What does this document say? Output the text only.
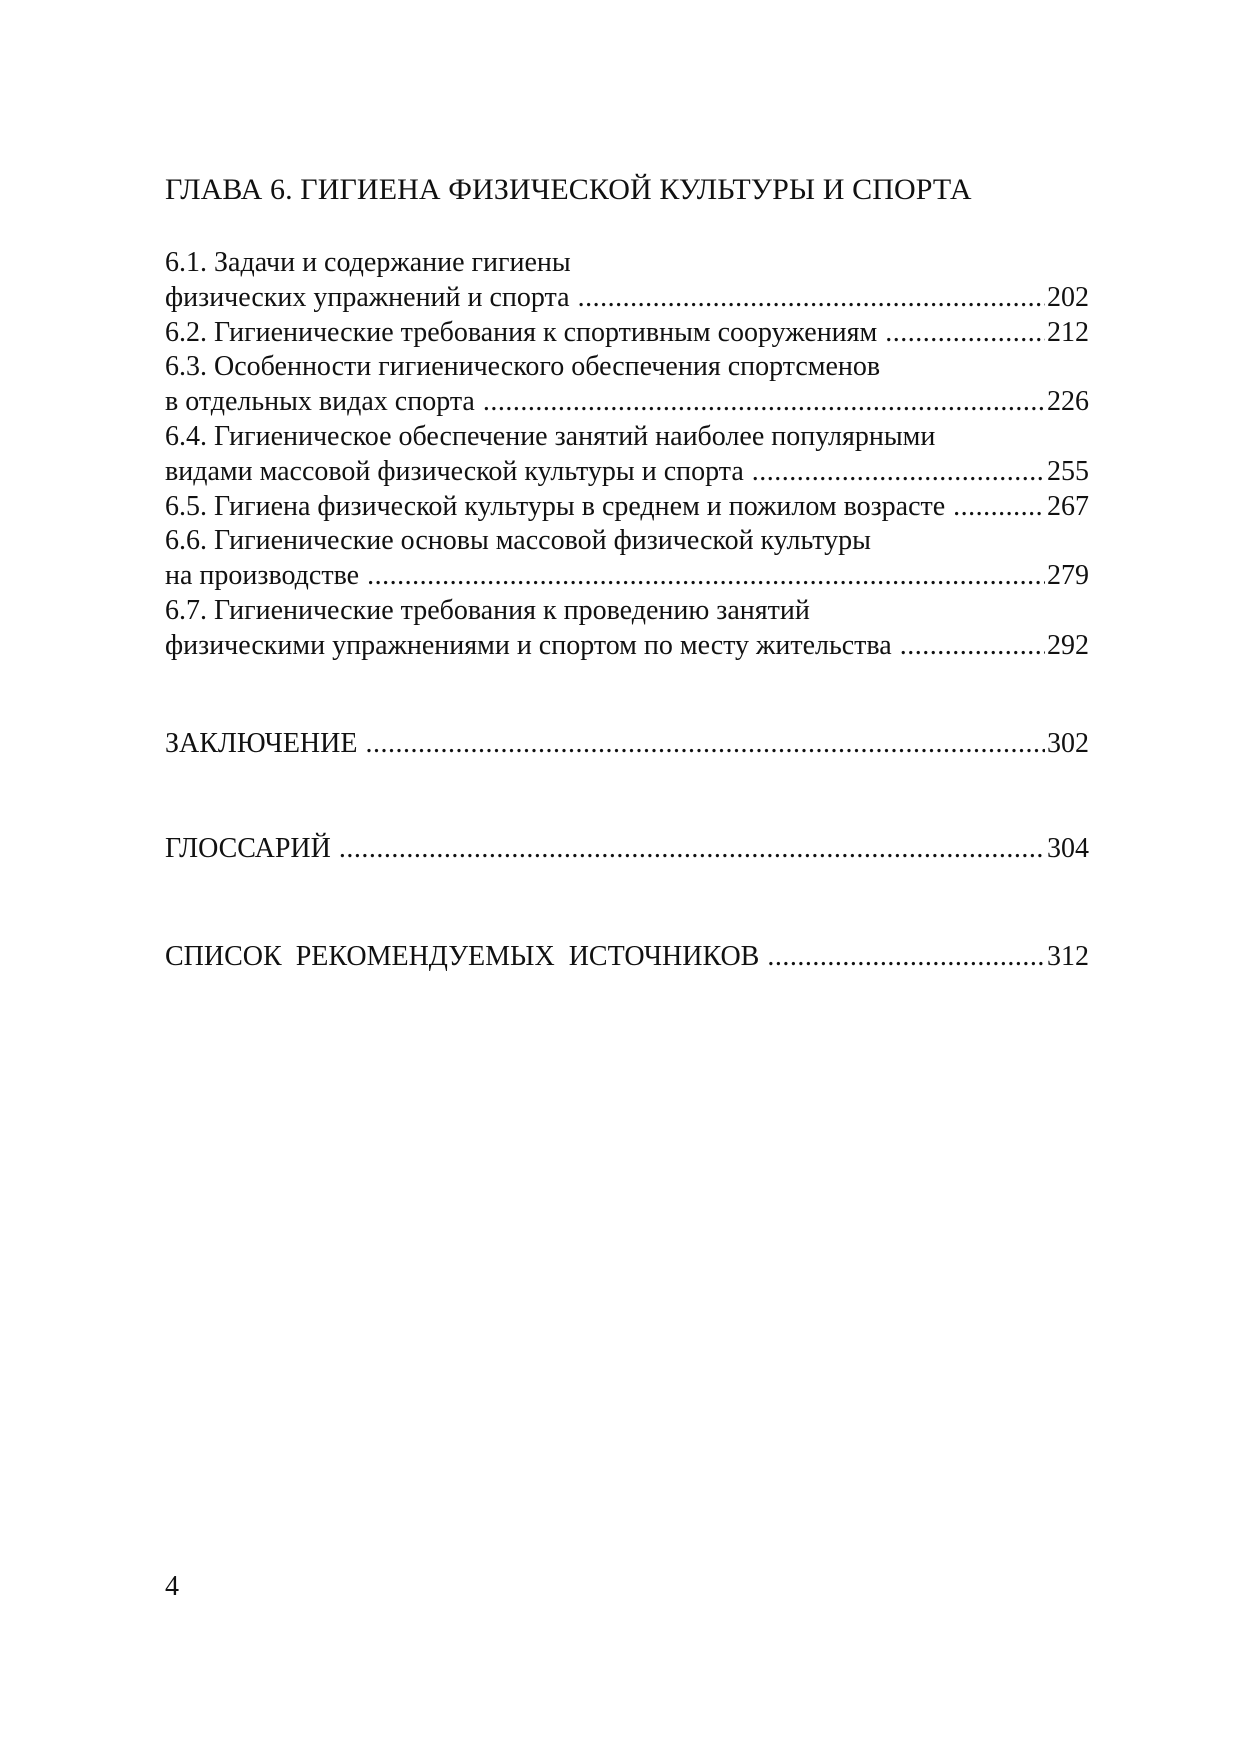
ГЛАВА 6. ГИГИЕНА ФИЗИЧЕСКОЙ КУЛЬТУРЫ И СПОРТА
6.1. Задачи и содержание гигиены
физических упражнений и спорта .....	202
6.2. Гигиенические требования к спортивным сооружениям .....	212
6.3. Особенности гигиенического обеспечения спортсменов
в отдельных видах спорта .....	226
6.4. Гигиеническое обеспечение занятий наиболее популярными
видами массовой физической культуры и спорта .....	255
6.5. Гигиена физической культуры в среднем и пожилом возрасте .....	267
6.6. Гигиенические основы массовой физической культуры
на производстве .....	279
6.7. Гигиенические требования к проведению занятий
физическими упражнениями и спортом по месту жительства .....	292
ЗАКЛЮЧЕНИЕ .....	302
ГЛОССАРИЙ .....	304
СПИСОК  РЕКОМЕНДУЕМЫХ  ИСТОЧНИКОВ .....	312
4
